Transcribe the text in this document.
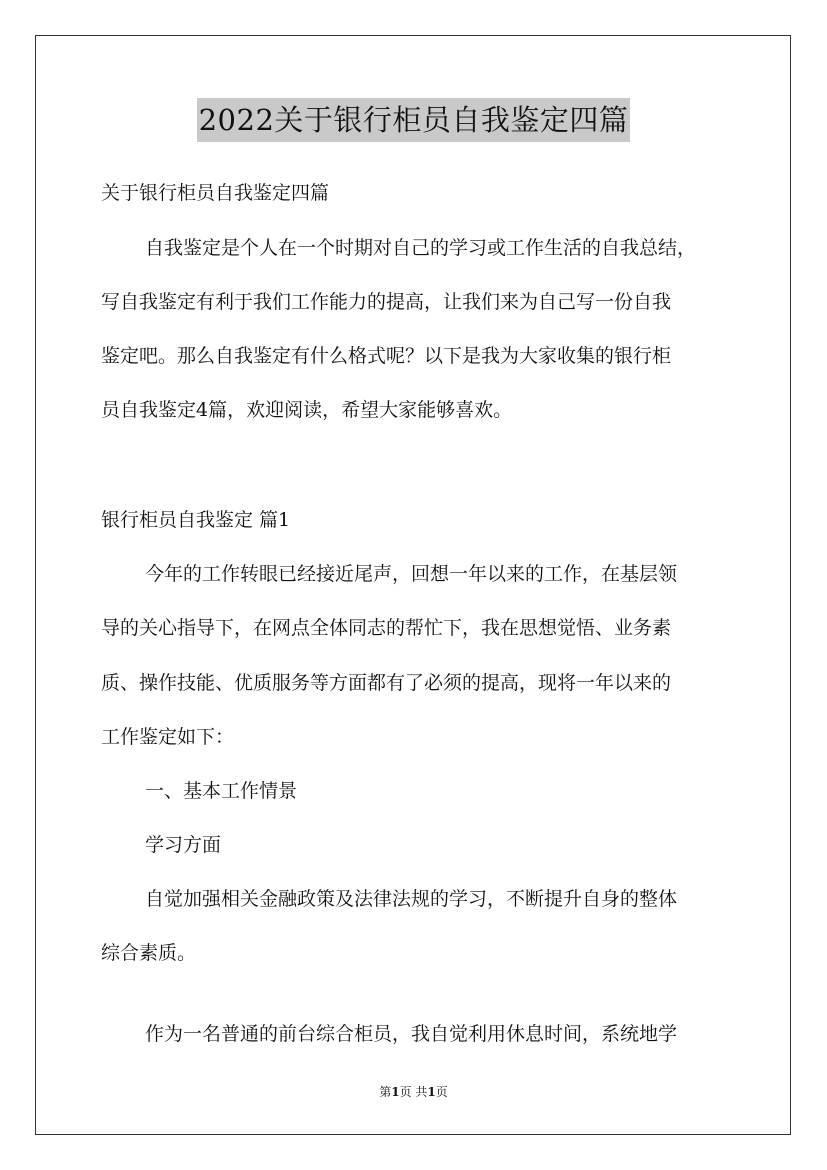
2022关于银行柜员自我鉴定四篇
关于银行柜员自我鉴定四篇
自我鉴定是个人在一个时期对自己的学习或工作生活的自我总结，
写自我鉴定有利于我们工作能力的提高，让我们来为自己写一份自我
鉴定吧。那么自我鉴定有什么格式呢？以下是我为大家收集的银行柜
员自我鉴定4篇，欢迎阅读，希望大家能够喜欢。
银行柜员自我鉴定 篇1
今年的工作转眼已经接近尾声，回想一年以来的工作，在基层领
导的关心指导下，在网点全体同志的帮忙下，我在思想觉悟、业务素
质、操作技能、优质服务等方面都有了必须的提高，现将一年以来的
工作鉴定如下：
一、基本工作情景
学习方面
自觉加强相关金融政策及法律法规的学习，不断提升自身的整体
综合素质。
作为一名普通的前台综合柜员，我自觉利用休息时间，系统地学
第1页 共1页
